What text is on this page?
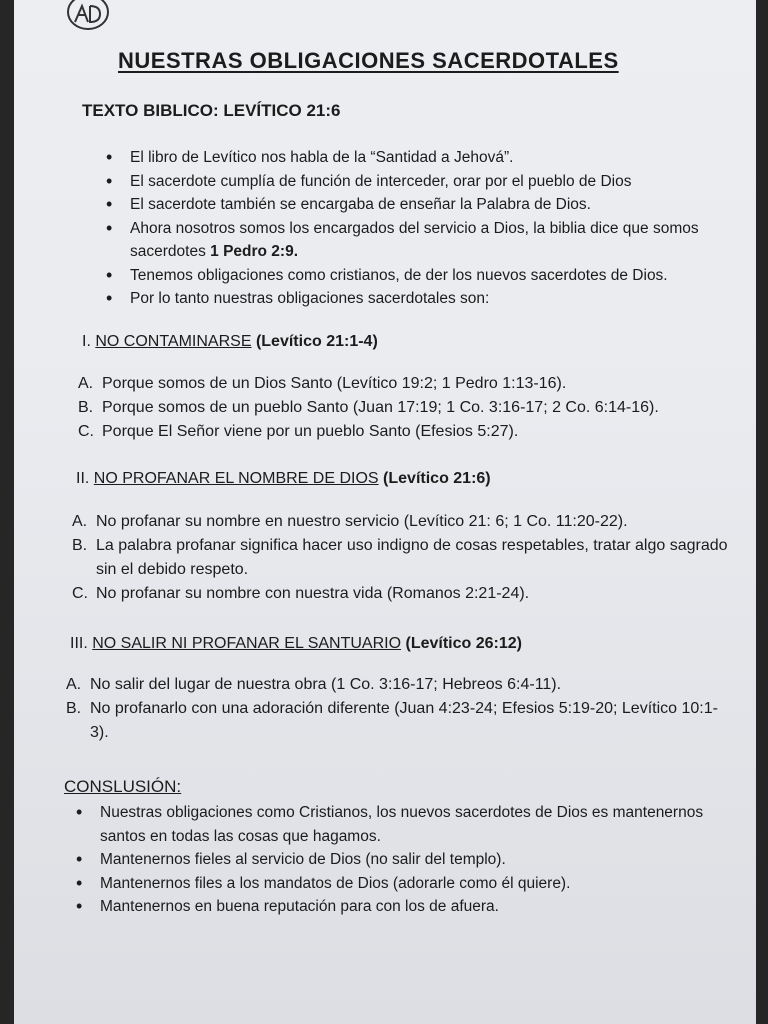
NUESTRAS OBLIGACIONES SACERDOTALES
TEXTO BIBLICO: LEVÍTICO 21:6
• El libro de Levítico nos habla de la “Santidad a Jehová”.
• El sacerdote cumplía de función de interceder, orar por el pueblo de Dios
• El sacerdote también se encargaba de enseñar la Palabra de Dios.
• Ahora nosotros somos los encargados del servicio a Dios, la biblia dice que somos sacerdotes 1 Pedro 2:9.
• Tenemos obligaciones como cristianos, de der los nuevos sacerdotes de Dios.
• Por lo tanto nuestras obligaciones sacerdotales son:
I. NO CONTAMINARSE (Levítico 21:1-4)
A. Porque somos de un Dios Santo (Levítico 19:2; 1 Pedro 1:13-16).
B. Porque somos de un pueblo Santo (Juan 17:19; 1 Co. 3:16-17; 2 Co. 6:14-16).
C. Porque El Señor viene por un pueblo Santo (Efesios 5:27).
II. NO PROFANAR EL NOMBRE DE DIOS (Levítico 21:6)
A. No profanar su nombre en nuestro servicio (Levítico 21: 6; 1 Co. 11:20-22).
B. La palabra profanar significa hacer uso indigno de cosas respetables, tratar algo sagrado sin el debido respeto.
C. No profanar su nombre con nuestra vida (Romanos 2:21-24).
III. NO SALIR NI PROFANAR EL SANTUARIO (Levítico 26:12)
A. No salir del lugar de nuestra obra (1 Co. 3:16-17; Hebreos 6:4-11).
B. No profanarlo con una adoración diferente (Juan 4:23-24; Efesios 5:19-20; Levítico 10:1-3).
CONSLUSIÓN:
• Nuestras obligaciones como Cristianos, los nuevos sacerdotes de Dios es mantenernos santos en todas las cosas que hagamos.
• Mantenernos fieles al servicio de Dios (no salir del templo).
• Mantenernos files a los mandatos de Dios (adorarle como él quiere).
• Mantenernos en buena reputación para con los de afuera.
